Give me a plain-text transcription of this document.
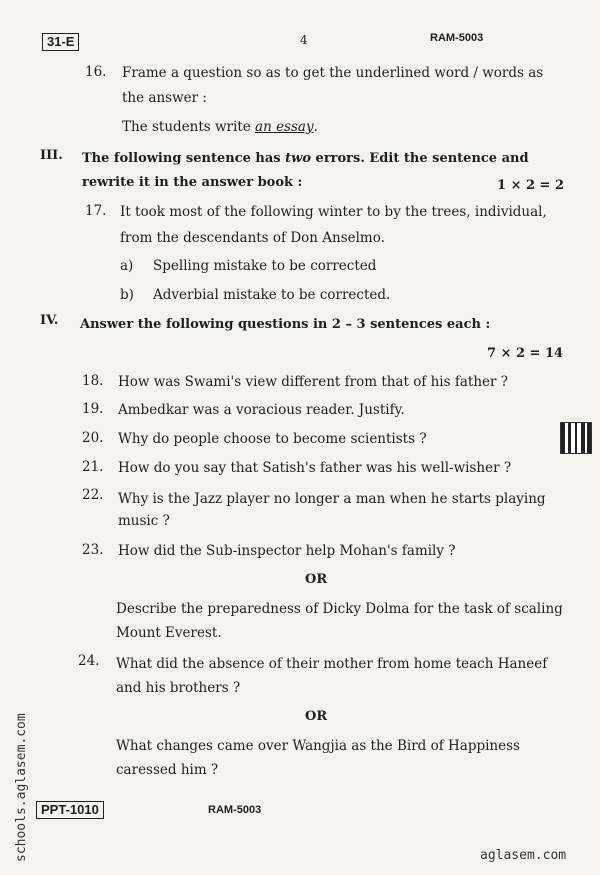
31-E	4	RAM-5003
16. Frame a question so as to get the underlined word / words as
the answer :
The students write an essay.
III. The following sentence has two errors. Edit the sentence and
rewrite it in the answer book :	1 × 2 = 2
17. It took most of the following winter to by the trees, individual,
from the descendants of Don Anselmo.
a) Spelling mistake to be corrected
b) Adverbial mistake to be corrected.
IV. Answer the following questions in 2 – 3 sentences each :
7 × 2 = 14
18. How was Swami's view different from that of his father ?
19. Ambedkar was a voracious reader. Justify.
20. Why do people choose to become scientists ?
21. How do you say that Satish's father was his well-wisher ?
22. Why is the Jazz player no longer a man when he starts playing
music ?
23. How did the Sub-inspector help Mohan's family ?
OR
Describe the preparedness of Dicky Dolma for the task of scaling
Mount Everest.
24. What did the absence of their mother from home teach Haneef
and his brothers ?
OR
What changes came over Wangjia as the Bird of Happiness
caressed him ?
PPT-1010	RAM-5003
schools.aglasem.com	aglasem.com
